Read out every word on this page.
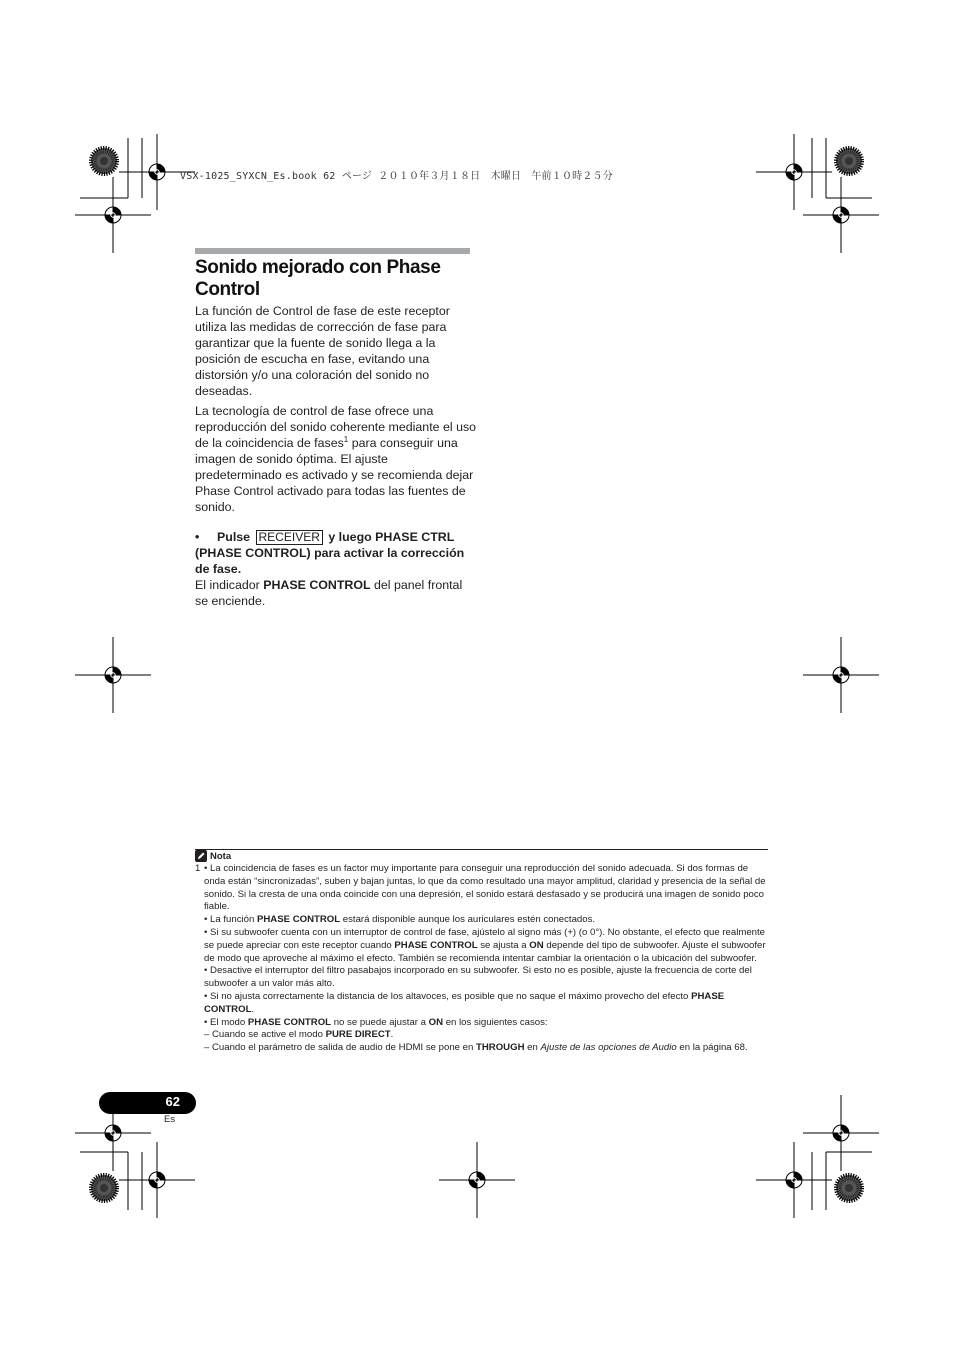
VSX-1025_SYXCN_Es.book 62 ページ ２０１０年３月１８日　木曜日　午前１０時２５分
Sonido mejorado con Phase Control

La función de Control de fase de este receptor utiliza las medidas de corrección de fase para garantizar que la fuente de sonido llega a la posición de escucha en fase, evitando una distorsión y/o una coloración del sonido no deseadas.

La tecnología de control de fase ofrece una reproducción del sonido coherente mediante el uso de la coincidencia de fases$^1$ para conseguir una imagen de sonido óptima. El ajuste predeterminado es activado y se recomienda dejar Phase Control activado para todas las fuentes de sonido.

• Pulse RECEIVER y luego PHASE CTRL (PHASE CONTROL) para activar la corrección de fase.

El indicador PHASE CONTROL del panel frontal se enciende.

Nota
1 • La coincidencia de fases es un factor muy importante para conseguir una reproducción del sonido adecuada. Si dos formas de onda están “sincronizadas”, suben y bajan juntas, lo que da como resultado una mayor amplitud, claridad y presencia de la señal de sonido. Si la cresta de una onda coincide con una depresión, el sonido estará desfasado y se producirá una imagen de sonido poco fiable.

• La función PHASE CONTROL estará disponible aunque los auriculares estén conectados.

• Si su subwoofer cuenta con un interruptor de control de fase, ajústelo al signo más (+) (o 0°). No obstante, el efecto que realmente se puede apreciar con este receptor cuando PHASE CONTROL se ajusta a ON depende del tipo de subwoofer. Ajuste el subwoofer de modo que aproveche al máximo el efecto. También se recomienda intentar cambiar la orientación o la ubicación del subwoofer.

• Desactive el interruptor del filtro pasabajos incorporado en su subwoofer. Si esto no es posible, ajuste la frecuencia de corte del subwoofer a un valor más alto.

• Si no ajusta correctamente la distancia de los altavoces, es posible que no saque el máximo provecho del efecto PHASE CONTROL.

• El modo PHASE CONTROL no se puede ajustar a ON en los siguientes casos:

– Cuando se active el modo PURE DIRECT.

– Cuando el parámetro de salida de audio de HDMI se pone en THROUGH en Ajuste de las opciones de Audio en la página 68.

62
Es
